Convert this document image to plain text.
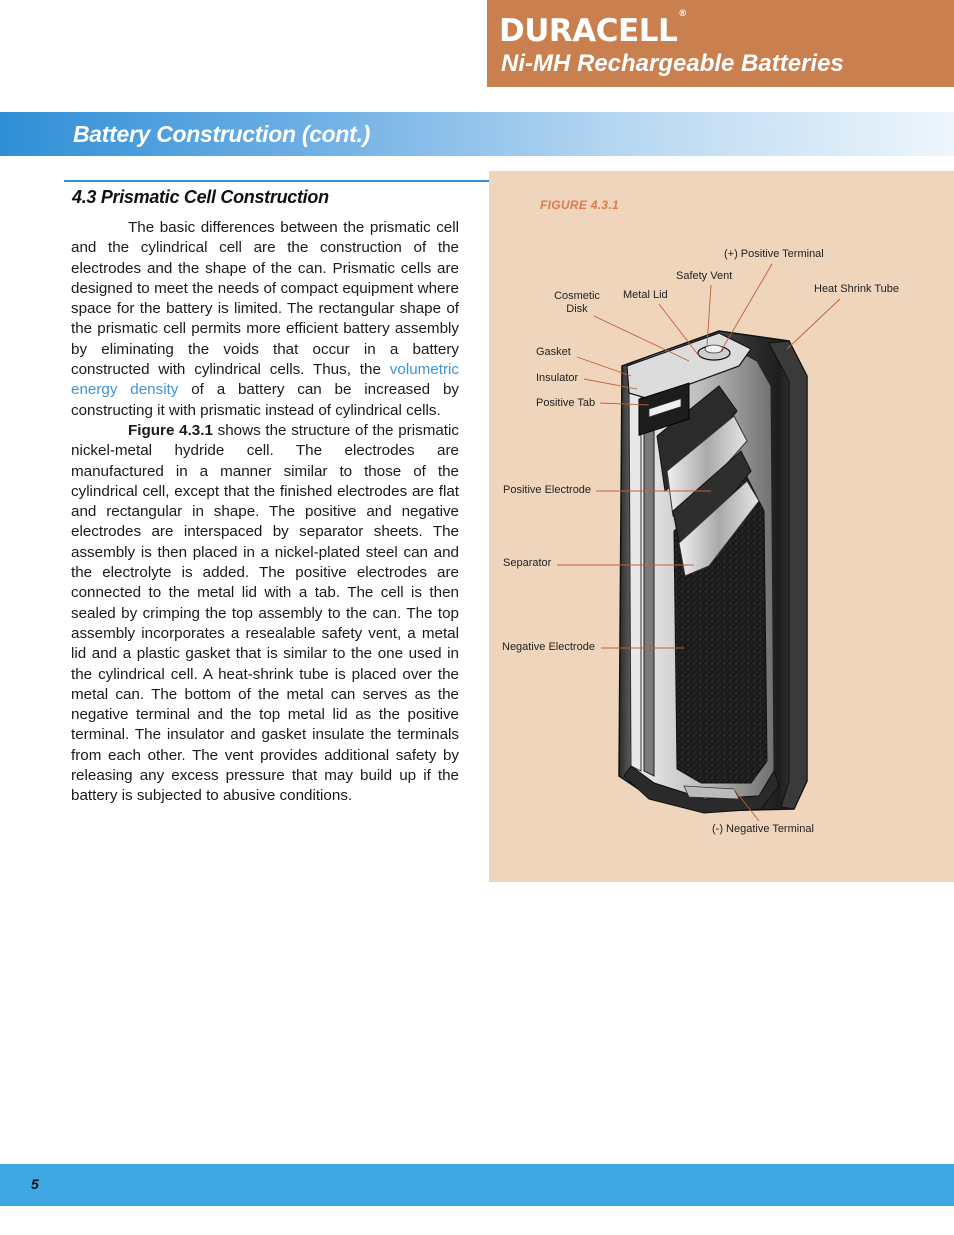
DURACELL®
Ni-MH Rechargeable Batteries
Battery Construction (cont.)
4.3 Prismatic Cell Construction

The basic differences between the prismatic cell and the cylindrical cell are the construction of the electrodes and the shape of the can. Prismatic cells are designed to meet the needs of compact equipment where space for the battery is limited. The rectangular shape of the prismatic cell permits more efficient battery assembly by eliminating the voids that occur in a battery constructed with cylindrical cells. Thus, the volumetric energy density of a battery can be increased by constructing it with prismatic instead of cylindrical cells.

Figure 4.3.1 shows the structure of the prismatic nickel-metal hydride cell. The electrodes are manufactured in a manner similar to those of the cylindrical cell, except that the finished electrodes are flat and rectangular in shape. The positive and negative electrodes are interspaced by separator sheets. The assembly is then placed in a nickel-plated steel can and the electrolyte is added. The positive electrodes are connected to the metal lid with a tab. The cell is then sealed by crimping the top assembly to the can. The top assembly incorporates a resealable safety vent, a metal lid and a plastic gasket that is similar to the one used in the cylindrical cell. A heat-shrink tube is placed over the metal can. The bottom of the metal can serves as the negative terminal and the top metal lid as the positive terminal. The insulator and gasket insulate the terminals from each other. The vent provides additional safety by releasing any excess pressure that may build up if the battery is subjected to abusive conditions.

FIGURE 4.3.1
(+) Positive Terminal
Safety Vent
Heat Shrink Tube
Cosmetic
Disk
Metal Lid
Gasket
Insulator
Positive Tab
Positive Electrode
Separator
Negative Electrode
(-) Negative Terminal
5
